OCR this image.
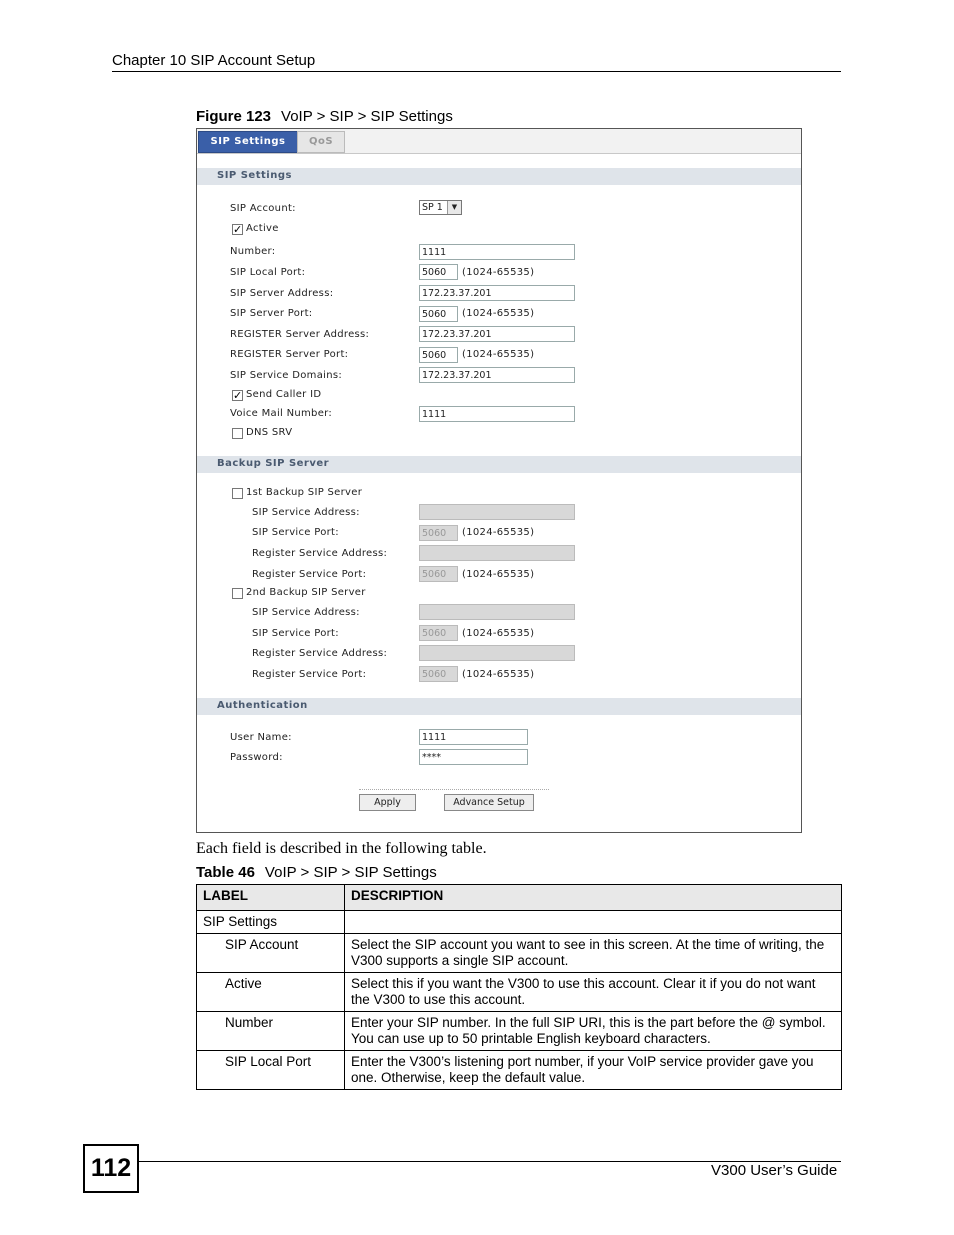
Chapter 10 SIP Account Setup
Figure 123 VoIP > SIP > SIP Settings
SIP Settings	QoS
SIP Settings
SIP Account:	SP 1	▼
✓ Active
Number:	1111
SIP Local Port:	5060	(1024-65535)
SIP Server Address:	172.23.37.201
SIP Server Port:	5060	(1024-65535)
REGISTER Server Address:	172.23.37.201
REGISTER Server Port:	5060	(1024-65535)
SIP Service Domains:	172.23.37.201
✓ Send Caller ID
Voice Mail Number:	1111
DNS SRV
Backup SIP Server
1st Backup SIP Server
SIP Service Address:
SIP Service Port:	5060	(1024-65535)
Register Service Address:
Register Service Port:	5060	(1024-65535)
2nd Backup SIP Server
SIP Service Address:
SIP Service Port:	5060	(1024-65535)
Register Service Address:
Register Service Port:	5060	(1024-65535)
Authentication
User Name:	1111
Password:	****
Apply	Advance Setup
Each field is described in the following table.
Table 46 VoIP > SIP > SIP Settings
LABEL	DESCRIPTION
SIP Settings	
SIP Account	Select the SIP account you want to see in this screen. At the time of writing, the V300 supports a single SIP account.
Active	Select this if you want the V300 to use this account. Clear it if you do not want the V300 to use this account.
Number	Enter your SIP number. In the full SIP URI, this is the part before the @ symbol. You can use up to 50 printable English keyboard characters.
SIP Local Port	Enter the V300’s listening port number, if your VoIP service provider gave you one. Otherwise, keep the default value.
112	V300 User’s Guide
